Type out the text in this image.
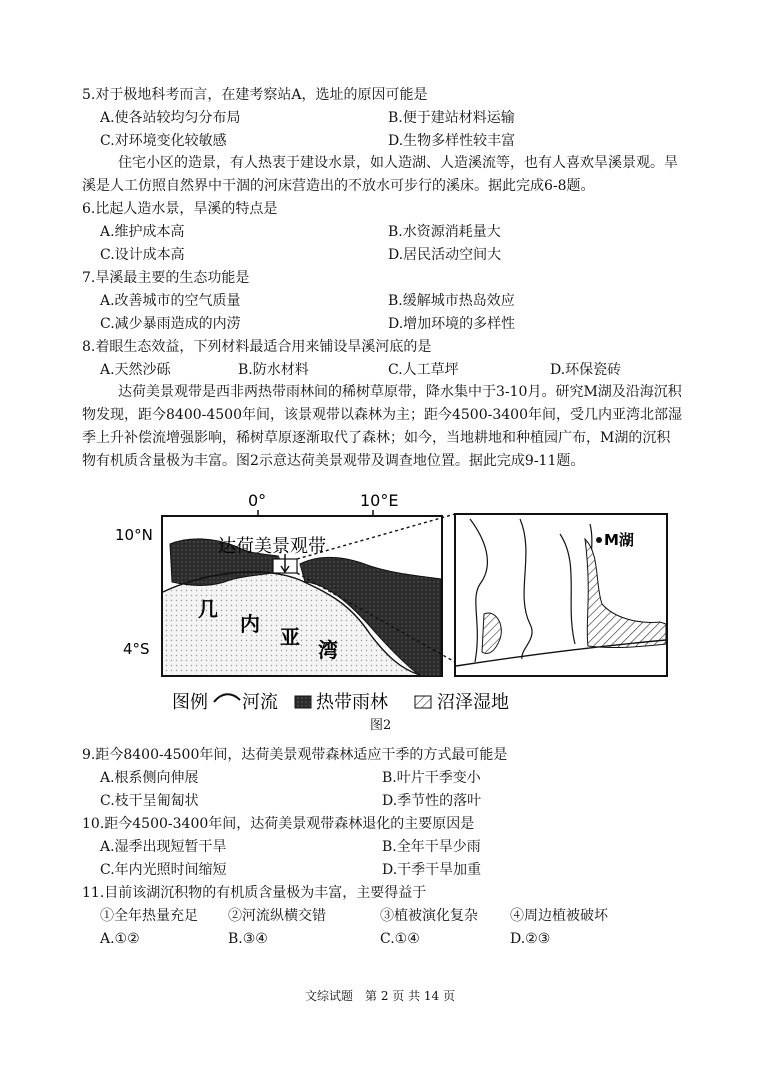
5.对于极地科考而言，在建考察站A，选址的原因可能是
A.使各站较均匀分布局	B.便于建站材料运输
C.对环境变化较敏感	D.生物多样性较丰富
住宅小区的造景，有人热衷于建设水景，如人造湖、人造溪流等，也有人喜欢旱溪景观。旱溪是人工仿照自然界中干涸的河床营造出的不放水可步行的溪床。据此完成6-8题。
6.比起人造水景，旱溪的特点是
A.维护成本高	B.水资源消耗量大
C.设计成本高	D.居民活动空间大
7.旱溪最主要的生态功能是
A.改善城市的空气质量	B.缓解城市热岛效应
C.减少暴雨造成的内涝	D.增加环境的多样性
8.着眼生态效益，下列材料最适合用来铺设旱溪河底的是
A.天然沙砾	B.防水材料	C.人工草坪	D.环保瓷砖
达荷美景观带是西非两热带雨林间的稀树草原带，降水集中于3-10月。研究M湖及沿海沉积物发现，距今8400-4500年间，该景观带以森林为主；距今4500-3400年间，受几内亚湾北部湿季上升补偿流增强影响，稀树草原逐渐取代了森林；如今，当地耕地和种植园广布，M湖的沉积物有机质含量极为丰富。图2示意达荷美景观带及调查地位置。据此完成9-11题。
0°	10°E
10°N
4°S
达荷美景观带
几
内
亚
湾
M湖
图例 河流 热带雨林	沼泽湿地
图2
9.距今8400-4500年间，达荷美景观带森林适应干季的方式最可能是
A.根系侧向伸展	B.叶片干季变小
C.枝干呈匍匐状	D.季节性的落叶
10.距今4500-3400年间，达荷美景观带森林退化的主要原因是
A.湿季出现短暂干旱	B.全年干旱少雨
C.年内光照时间缩短	D.干季干旱加重
11.目前该湖沉积物的有机质含量极为丰富，主要得益于
①全年热量充足 ②河流纵横交错	③植被演化复杂 ④周边植被破坏
A.①②	B.③④	C.①④	D.②③
文综试题　第 2 页 共 14 页
